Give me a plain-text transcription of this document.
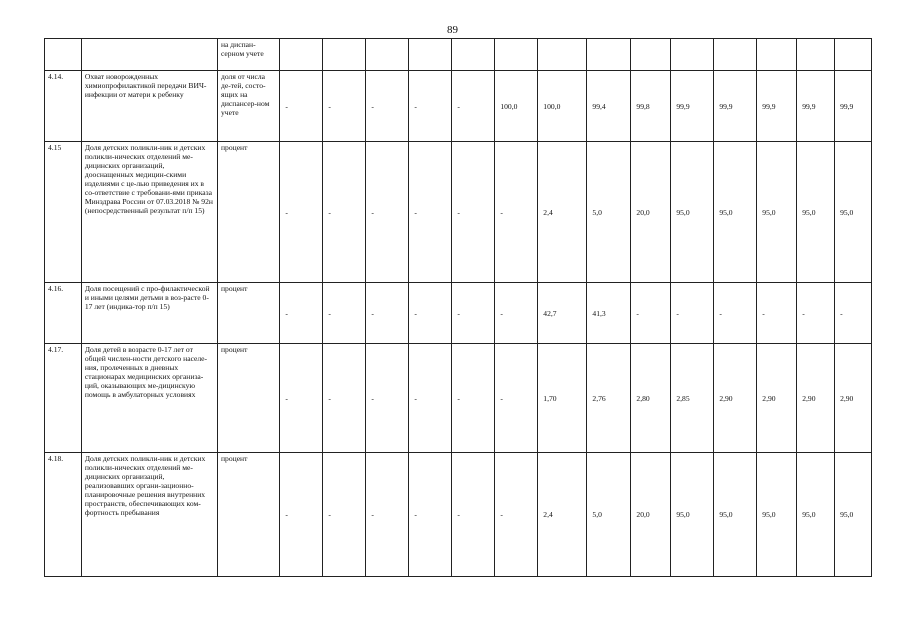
89
		на диспан-серном учете														
4.14.	Охват новорожденных химиопрофилактикой передачи ВИЧ-инфекции от матери к ребенку	доля от числа де-тей, состо-ящих на диспансер-ном учете	-	-	-	-	-	100,0	100,0	99,4	99,8	99,9	99,9	99,9	99,9	99,9
4.15	Доля детских поликли-ник и детских поликли-нических отделений ме-дицинских организаций, дооснащенных медицин-скими изделиями с це-лью приведения их в со-ответствие с требовани-ями приказа Минздрава России от 07.03.2018 № 92н (непосредственный результат п/п 15)	процент	-	-	-	-	-	-	2,4	5,0	20,0	95,0	95,0	95,0	95,0	95,0
4.16.	Доля посещений с про-филактической и иными целями детьми в воз-расте 0-17 лет (индика-тор п/п 15)	процент	-	-	-	-	-	-	42,7	41,3	-	-	-	-	-	-
4.17.	Доля детей в возрасте 0-17 лет от общей числен-ности детского населе-ния, пролеченных в дневных стационарах медицинских организа-ций, оказывающих ме-дицинскую помощь в амбулаторных условиях	процент	-	-	-	-	-	-	1,70	2,76	2,80	2,85	2,90	2,90	2,90	2,90
4.18.	Доля детских поликли-ник и детских поликли-нических отделений ме-дицинских организаций, реализовавших органи-зационно-планировочные решения внутренних пространств, обеспечивающих ком-фортность пребывания	процент	-	-	-	-	-	-	2,4	5,0	20,0	95,0	95,0	95,0	95,0	95,0
